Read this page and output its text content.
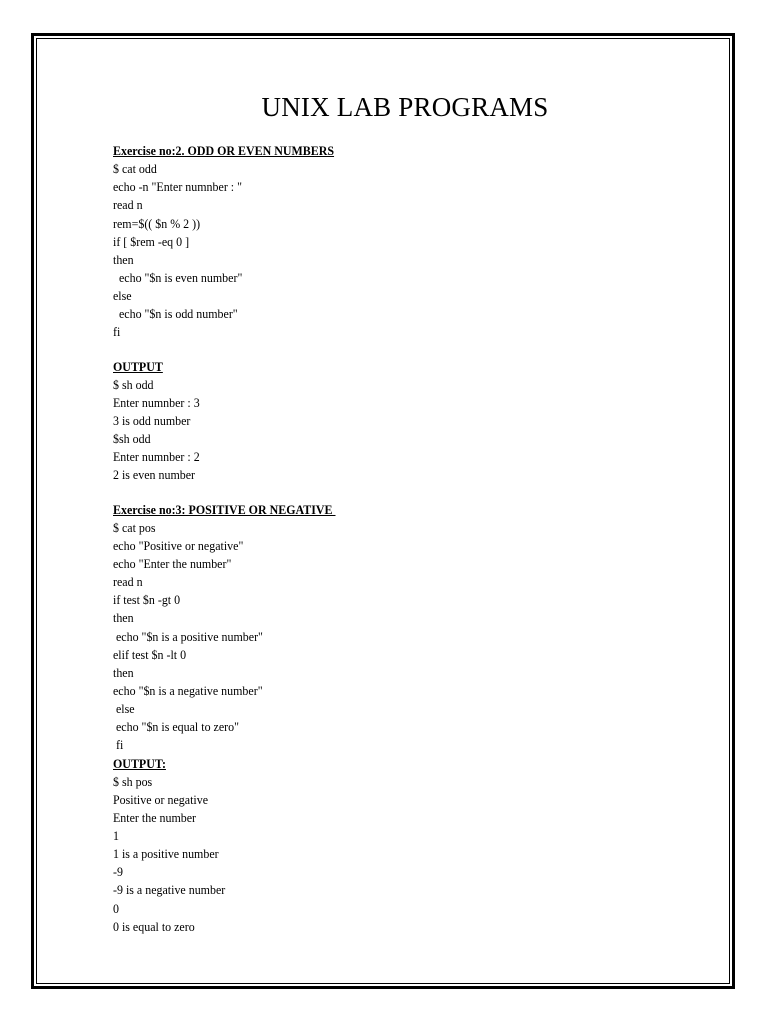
UNIX LAB PROGRAMS
Exercise no:2. ODD OR EVEN NUMBERS
$ cat odd
echo -n "Enter numnber : "
read n
rem=$(( $n % 2 ))
if [ $rem -eq 0 ]
then
echo "$n is even number"
else
echo "$n is odd number"
fi
OUTPUT
$ sh odd
Enter numnber : 3
3 is odd number
$sh odd
Enter numnber : 2
2 is even number
Exercise no:3: POSITIVE OR NEGATIVE
$ cat pos
echo "Positive or negative"
echo "Enter the number"
read n
if test $n -gt 0
then
echo "$n is a positive number"
elif test $n -lt 0
then
echo "$n is a negative number"
else
echo "$n is equal to zero"
fi
OUTPUT:
$ sh pos
Positive or negative
Enter the number
1
1 is a positive number
-9
-9 is a negative number
0
0 is equal to zero
